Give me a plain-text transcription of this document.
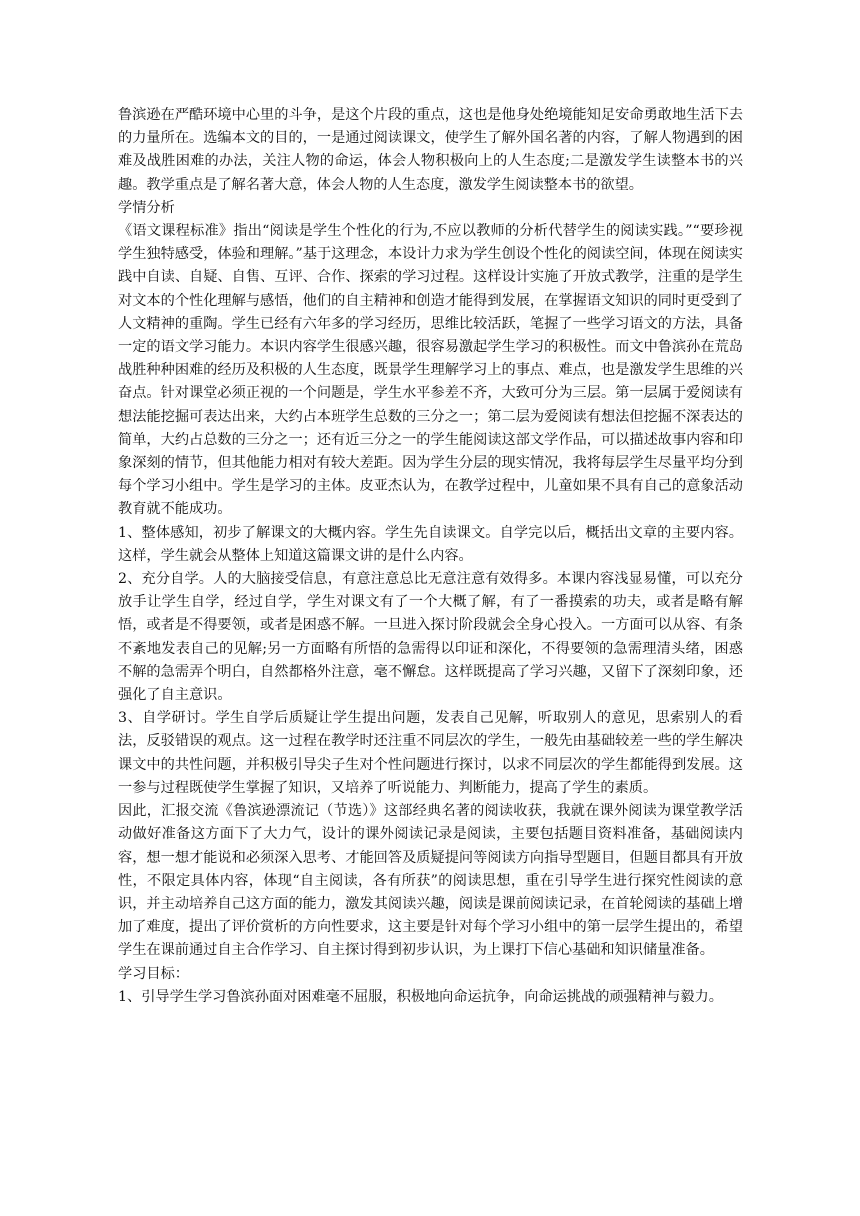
鲁滨逊在严酷环境中心里的斗争，是这个片段的重点，这也是他身处绝境能知足安命勇敢地生活下去的力量所在。选编本文的目的，一是通过阅读课文，使学生了解外国名著的内容，了解人物遇到的困难及战胜困难的办法，关注人物的命运，体会人物积极向上的人生态度;二是激发学生读整本书的兴趣。教学重点是了解名著大意，体会人物的人生态度，激发学生阅读整本书的欲望。

学情分析

《语文课程标准》指出“阅读是学生个性化的行为,不应以教师的分析代替学生的阅读实践。”“要珍视学生独特感受，体验和理解。”基于这理念，本设计力求为学生创设个性化的阅读空间，体现在阅读实践中自读、自疑、自售、互评、合作、探索的学习过程。这样设计实施了开放式教学，注重的是学生对文本的个性化理解与感悟，他们的自主精神和创造才能得到发展，在掌握语文知识的同时更受到了人文精神的重陶。学生已经有六年多的学习经历，思维比较活跃，笔握了一些学习语文的方法，具备一定的语文学习能力。本识内容学生很感兴趣，很容易激起学生学习的积极性。而文中鲁滨孙在荒岛战胜种种困难的经历及积极的人生态度，既景学生理解学习上的事点、难点，也是激发学生思维的兴奋点。针对课堂必须正视的一个问题是，学生水平参差不齐，大致可分为三层。第一层属于爱阅读有想法能挖掘可表达出来，大约占本班学生总数的三分之一；第二层为爱阅读有想法但挖掘不深表达的简单，大约占总数的三分之一；还有近三分之一的学生能阅读这部文学作品，可以描述故事内容和印象深刻的情节，但其他能力相对有较大差距。因为学生分层的现实情况，我将每层学生尽量平均分到每个学习小组中。学生是学习的主体。皮亚杰认为，在教学过程中，儿童如果不具有自己的意象活动教育就不能成功。

1、整体感知，初步了解课文的大概内容。学生先自读课文。自学完以后，概括出文章的主要内容。这样，学生就会从整体上知道这篇课文讲的是什么内容。

2、充分自学。人的大脑接受信息，有意注意总比无意注意有效得多。本课内容浅显易懂，可以充分放手让学生自学，经过自学，学生对课文有了一个大概了解，有了一番摸索的功夫，或者是略有解悟，或者是不得要领，或者是困惑不解。一旦进入探讨阶段就会全身心投入。一方面可以从容、有条不紊地发表自己的见解;另一方面略有所悟的急需得以印证和深化，不得要领的急需理清头绪，困惑不解的急需弄个明白，自然都格外注意，毫不懈怠。这样既提高了学习兴趣，又留下了深刻印象，还强化了自主意识。

3、自学研讨。学生自学后质疑让学生提出问题，发表自己见解，听取别人的意见，思索别人的看法，反驳错误的观点。这一过程在教学时还注重不同层次的学生，一般先由基础较差一些的学生解决课文中的共性问题，并积极引导尖子生对个性问题进行探讨，以求不同层次的学生都能得到发展。这一参与过程既使学生掌握了知识，又培养了听说能力、判断能力，提高了学生的素质。

因此，汇报交流《鲁滨逊漂流记（节选）》这部经典名著的阅读收获，我就在课外阅读为课堂教学活动做好准备这方面下了大力气，设计的课外阅读记录是阅读，主要包括题目资料准备，基础阅读内容，想一想才能说和必须深入思考、才能回答及质疑提问等阅读方向指导型题目，但题目都具有开放性，不限定具体内容，体现“自主阅读，各有所获”的阅读思想，重在引导学生进行探究性阅读的意识，并主动培养自己这方面的能力，激发其阅读兴趣，阅读是课前阅读记录，在首轮阅读的基础上增加了难度，提出了评价赏析的方向性要求，这主要是针对每个学习小组中的第一层学生提出的，希望学生在课前通过自主合作学习、自主探讨得到初步认识，为上课打下信心基础和知识储量准备。

学习目标：

1、引导学生学习鲁滨孙面对困难毫不屈服，积极地向命运抗争，向命运挑战的顽强精神与毅力。
